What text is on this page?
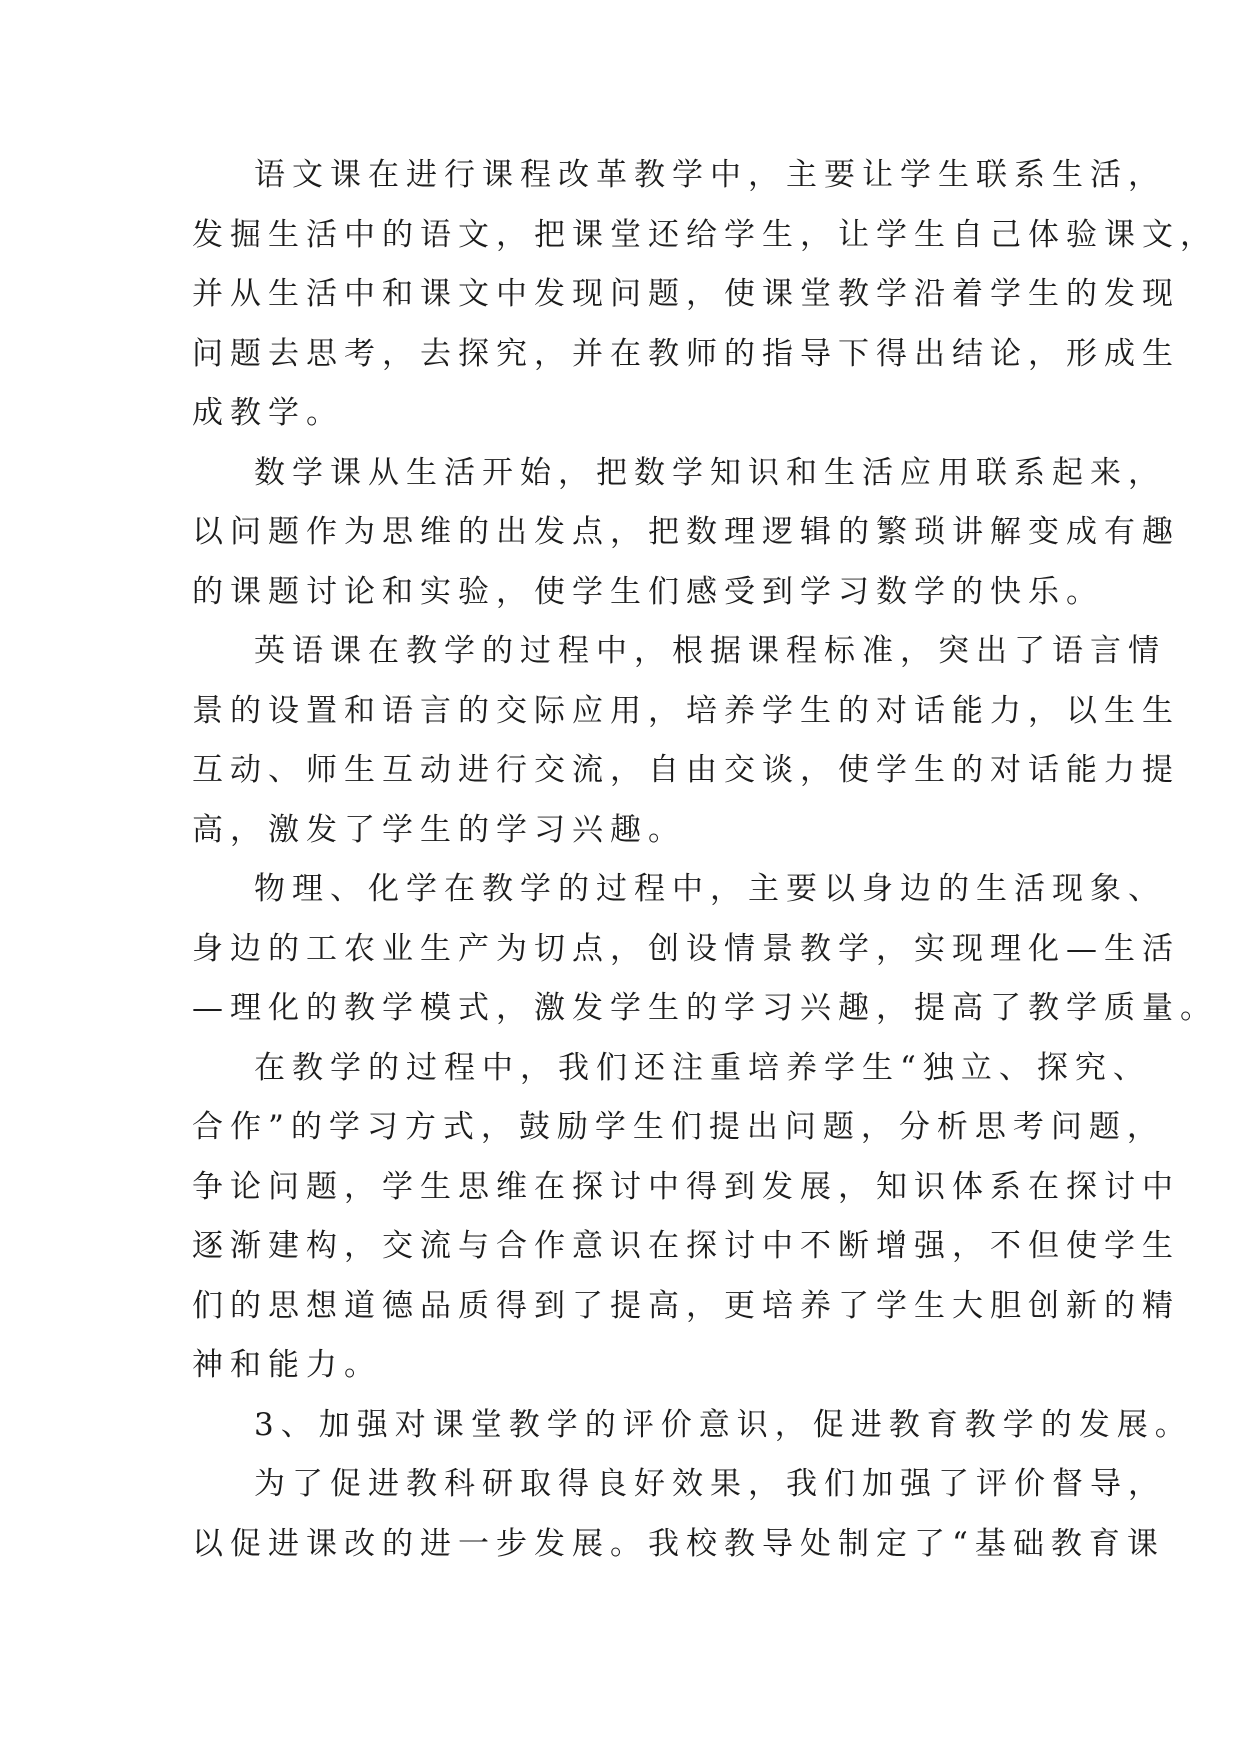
语文课在进行课程改革教学中，主要让学生联系生活，
发掘生活中的语文，把课堂还给学生，让学生自己体验课文，
并从生活中和课文中发现问题，使课堂教学沿着学生的发现
问题去思考，去探究，并在教师的指导下得出结论，形成生
成教学。
数学课从生活开始，把数学知识和生活应用联系起来，
以问题作为思维的出发点，把数理逻辑的繁琐讲解变成有趣
的课题讨论和实验，使学生们感受到学习数学的快乐。
英语课在教学的过程中，根据课程标准，突出了语言情
景的设置和语言的交际应用，培养学生的对话能力，以生生
互动、师生互动进行交流，自由交谈，使学生的对话能力提
高，激发了学生的学习兴趣。
物理、化学在教学的过程中，主要以身边的生活现象、
身边的工农业生产为切点，创设情景教学，实现理化—生活
—理化的教学模式，激发学生的学习兴趣，提高了教学质量。
在教学的过程中，我们还注重培养学生“独立、探究、
合作”的学习方式，鼓励学生们提出问题，分析思考问题，
争论问题，学生思维在探讨中得到发展，知识体系在探讨中
逐渐建构，交流与合作意识在探讨中不断增强，不但使学生
们的思想道德品质得到了提高，更培养了学生大胆创新的精
神和能力。
3、加强对课堂教学的评价意识，促进教育教学的发展。
为了促进教科研取得良好效果，我们加强了评价督导，
以促进课改的进一步发展。我校教导处制定了“基础教育课
